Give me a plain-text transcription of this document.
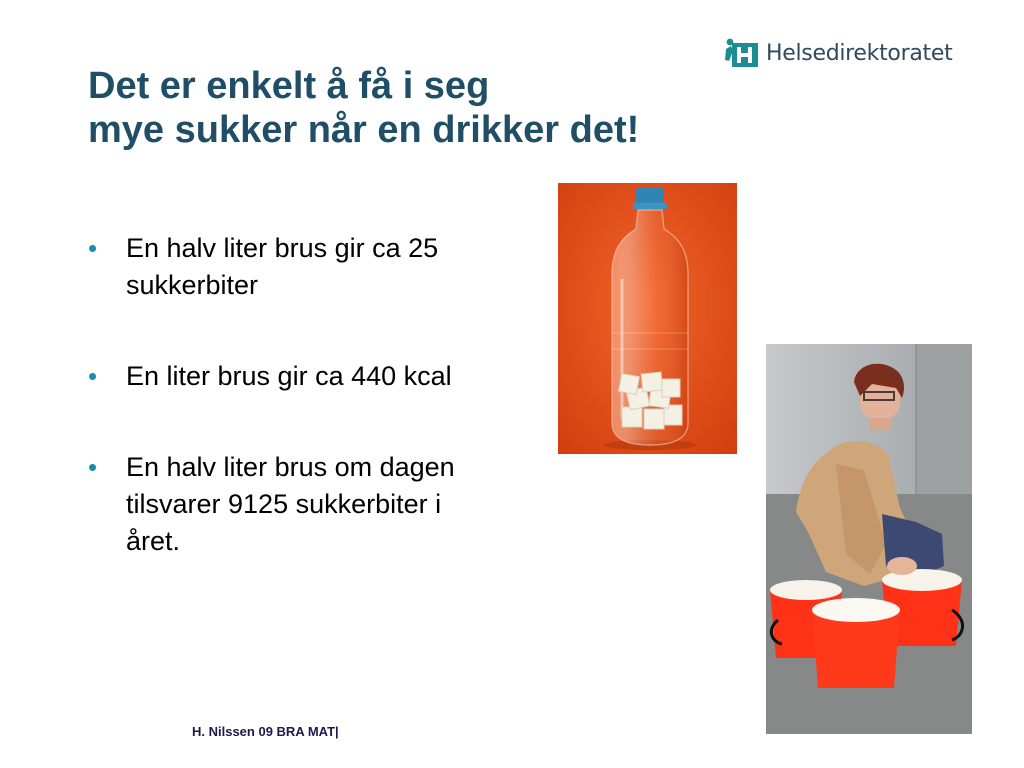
Helsedirektoratet
Det er enkelt å få i seg
mye sukker når en drikker det!
• En halv liter brus gir ca 25 sukkerbiter
• En liter brus gir ca 440 kcal
• En halv liter brus om dagen tilsvarer 9125 sukkerbiter i året.
H. Nilssen 09 BRA MAT|
